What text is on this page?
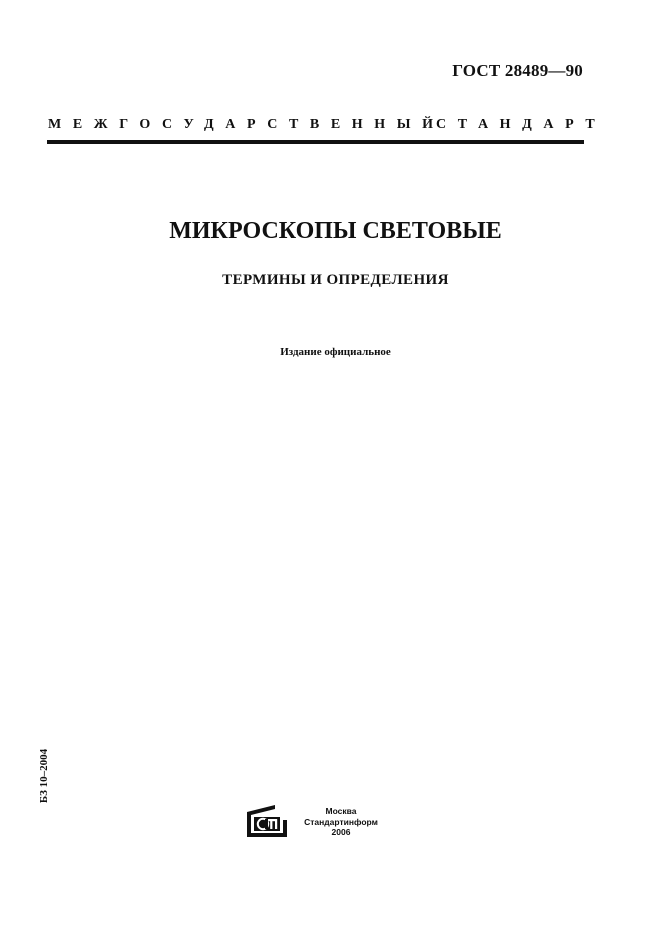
ГОСТ 28489—90
МЕЖГОСУДАРСТВЕННЫЙ
СТАНДАРТ
МИКРОСКОПЫ СВЕТОВЫЕ
ТЕРМИНЫ И ОПРЕДЕЛЕНИЯ
Издание официальное
БЗ 10–2004
Москва
Стандартинформ
2006
